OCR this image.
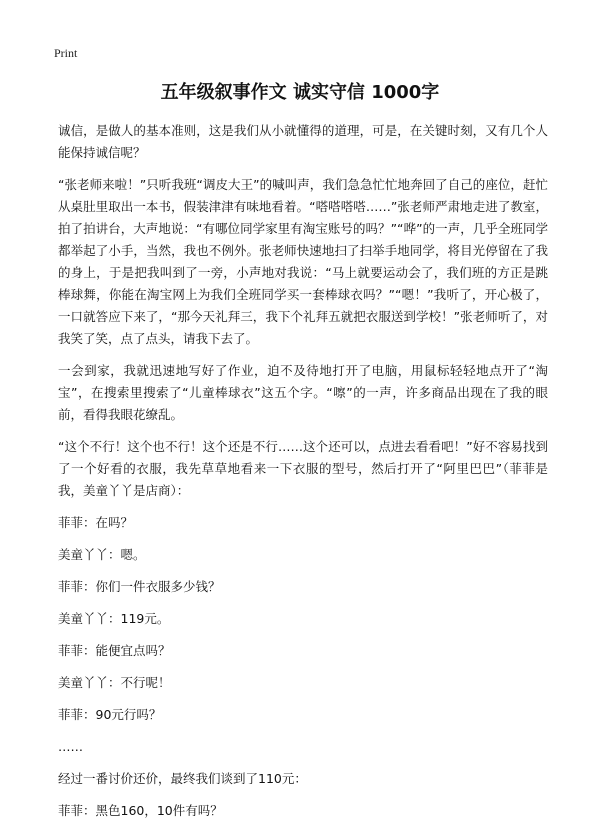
Print
五年级叙事作文 诚实守信 1000字

诚信，是做人的基本准则，这是我们从小就懂得的道理，可是，在关键时刻，又有几个人能保持诚信呢？

“张老师来啦！”只听我班“调皮大王”的喊叫声，我们急急忙忙地奔回了自己的座位，赶忙从桌肚里取出一本书，假装津津有味地看着。“嗒嗒嗒嗒……”张老师严肃地走进了教室，拍了拍讲台，大声地说：“有哪位同学家里有淘宝账号的吗？”“哗”的一声，几乎全班同学都举起了小手，当然，我也不例外。张老师快速地扫了扫举手地同学，将目光停留在了我的身上，于是把我叫到了一旁，小声地对我说：“马上就要运动会了，我们班的方正是跳棒球舞，你能在淘宝网上为我们全班同学买一套棒球衣吗？”“嗯！”我听了，开心极了，一口就答应下来了，“那今天礼拜三，我下个礼拜五就把衣服送到学校！”张老师听了，对我笑了笑，点了点头，请我下去了。

一会到家，我就迅速地写好了作业，迫不及待地打开了电脑，用鼠标轻轻地点开了“淘宝”，在搜索里搜索了“儿童棒球衣”这五个字。“嚓”的一声，许多商品出现在了我的眼前，看得我眼花缭乱。

“这个不行！这个也不行！这个还是不行……这个还可以，点进去看看吧！”好不容易找到了一个好看的衣服，我先草草地看来一下衣服的型号，然后打开了“阿里巴巴”（菲菲是我，美童丫丫是店商）：

菲菲：在吗？

美童丫丫：嗯。

菲菲：你们一件衣服多少钱？

美童丫丫：119元。

菲菲：能便宜点吗？

美童丫丫：不行呢！

菲菲：90元行吗？

……

经过一番讨价还价，最终我们谈到了110元：

菲菲：黑色160，10件有吗？
